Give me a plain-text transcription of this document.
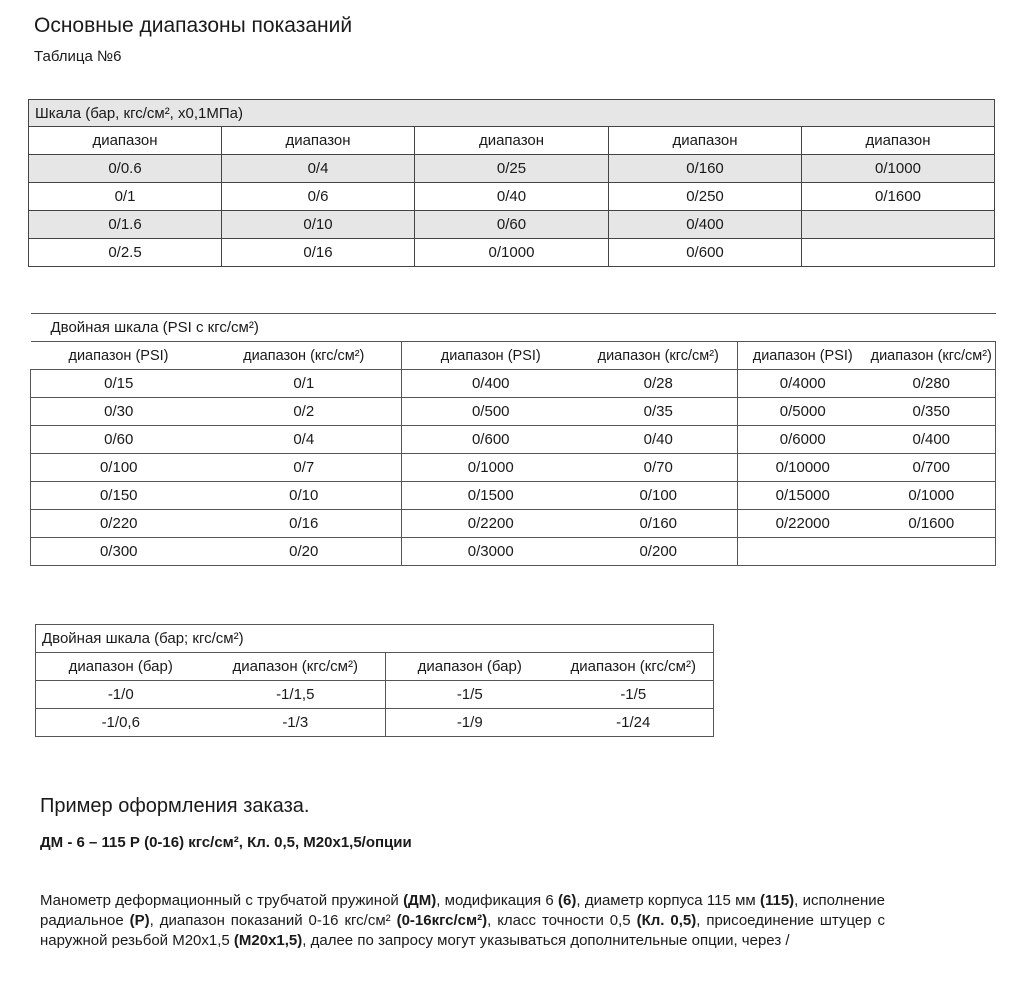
Основные диапазоны показаний
Таблица №6
Шкала (бар, кгс/см², x0,1МПа)				
диапазон	диапазон	диапазон	диапазон	диапазон
0/0.6	0/4	0/25	0/160	0/1000
0/1	0/6	0/40	0/250	0/1600
0/1.6	0/10	0/60	0/400	
0/2.5	0/16	0/1000	0/600	
Двойная шкала (PSI с кгс/см²)					
диапазон (PSI)	диапазон (кгс/см²)	диапазон (PSI)	диапазон (кгс/см²)	диапазон (PSI)	диапазон (кгс/см²)
0/15	0/1	0/400	0/28	0/4000	0/280
0/30	0/2	0/500	0/35	0/5000	0/350
0/60	0/4	0/600	0/40	0/6000	0/400
0/100	0/7	0/1000	0/70	0/10000	0/700
0/150	0/10	0/1500	0/100	0/15000	0/1000
0/220	0/16	0/2200	0/160	0/22000	0/1600
0/300	0/20	0/3000	0/200		
Двойная шкала (бар; кгс/см²)			
диапазон (бар)	диапазон (кгс/см²)	диапазон (бар)	диапазон (кгс/см²)
-1/0	-1/1,5	-1/5	-1/5
-1/0,6	-1/3	-1/9	-1/24
Пример оформления заказа.
ДМ - 6 – 115 Р (0-16) кгс/см², Кл. 0,5, М20х1,5/опции
Манометр деформационный с трубчатой пружиной (ДМ), модификация 6 (6), диаметр корпуса 115 мм (115), исполнение радиальное (Р), диапазон показаний 0-16 кгс/см² (0-16кгс/см²), класс точности 0,5 (Кл. 0,5), присоединение штуцер с наружной резьбой М20х1,5 (М20х1,5), далее по запросу могут указываться дополнительные опции, через /
